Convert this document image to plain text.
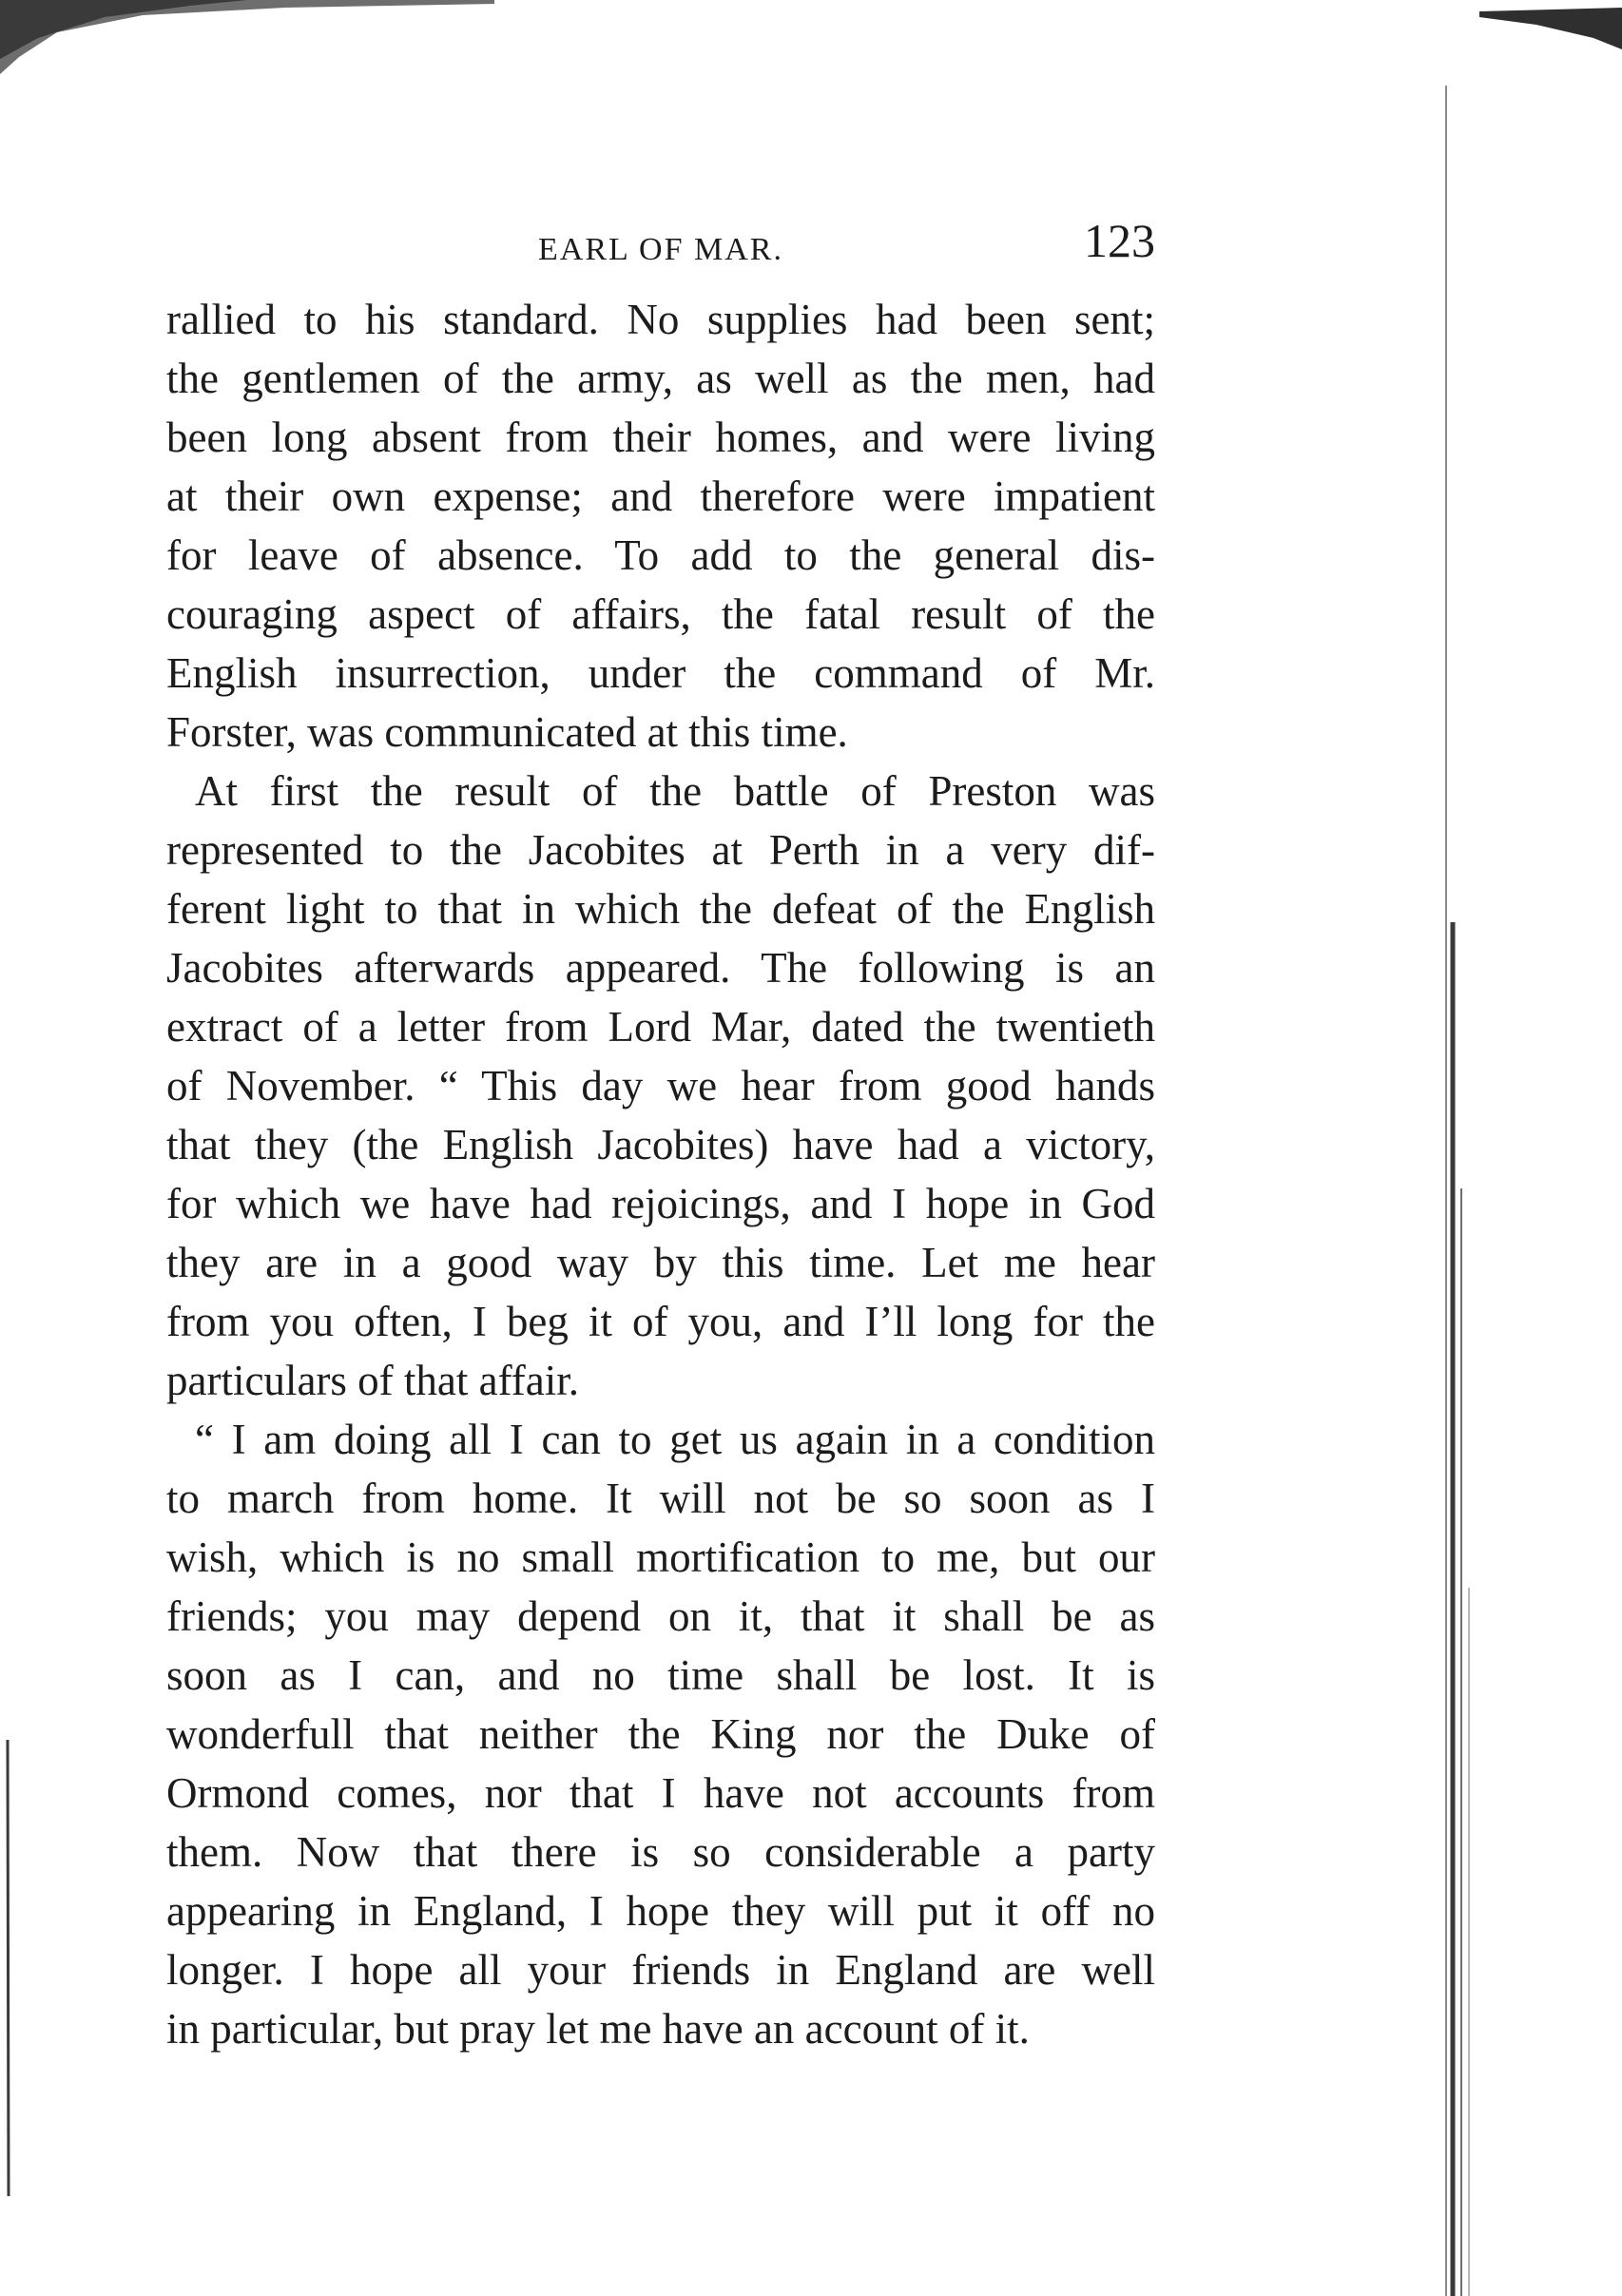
EARL OF MAR.	123
rallied to his standard. No supplies had been sent;
the gentlemen of the army, as well as the men, had
been long absent from their homes, and were living
at their own expense; and therefore were impatient
for leave of absence. To add to the general dis-
couraging aspect of affairs, the fatal result of the
English insurrection, under the command of Mr.
Forster, was communicated at this time.
At first the result of the battle of Preston was
represented to the Jacobites at Perth in a very dif-
ferent light to that in which the defeat of the English
Jacobites afterwards appeared. The following is an
extract of a letter from Lord Mar, dated the twentieth
of November. “ This day we hear from good hands
that they (the English Jacobites) have had a victory,
for which we have had rejoicings, and I hope in God
they are in a good way by this time. Let me hear
from you often, I beg it of you, and I’ll long for the
particulars of that affair.
“ I am doing all I can to get us again in a condition
to march from home. It will not be so soon as I
wish, which is no small mortification to me, but our
friends; you may depend on it, that it shall be as
soon as I can, and no time shall be lost. It is
wonderfull that neither the King nor the Duke of
Ormond comes, nor that I have not accounts from
them. Now that there is so considerable a party
appearing in England, I hope they will put it off no
longer. I hope all your friends in England are well
in particular, but pray let me have an account of it.
